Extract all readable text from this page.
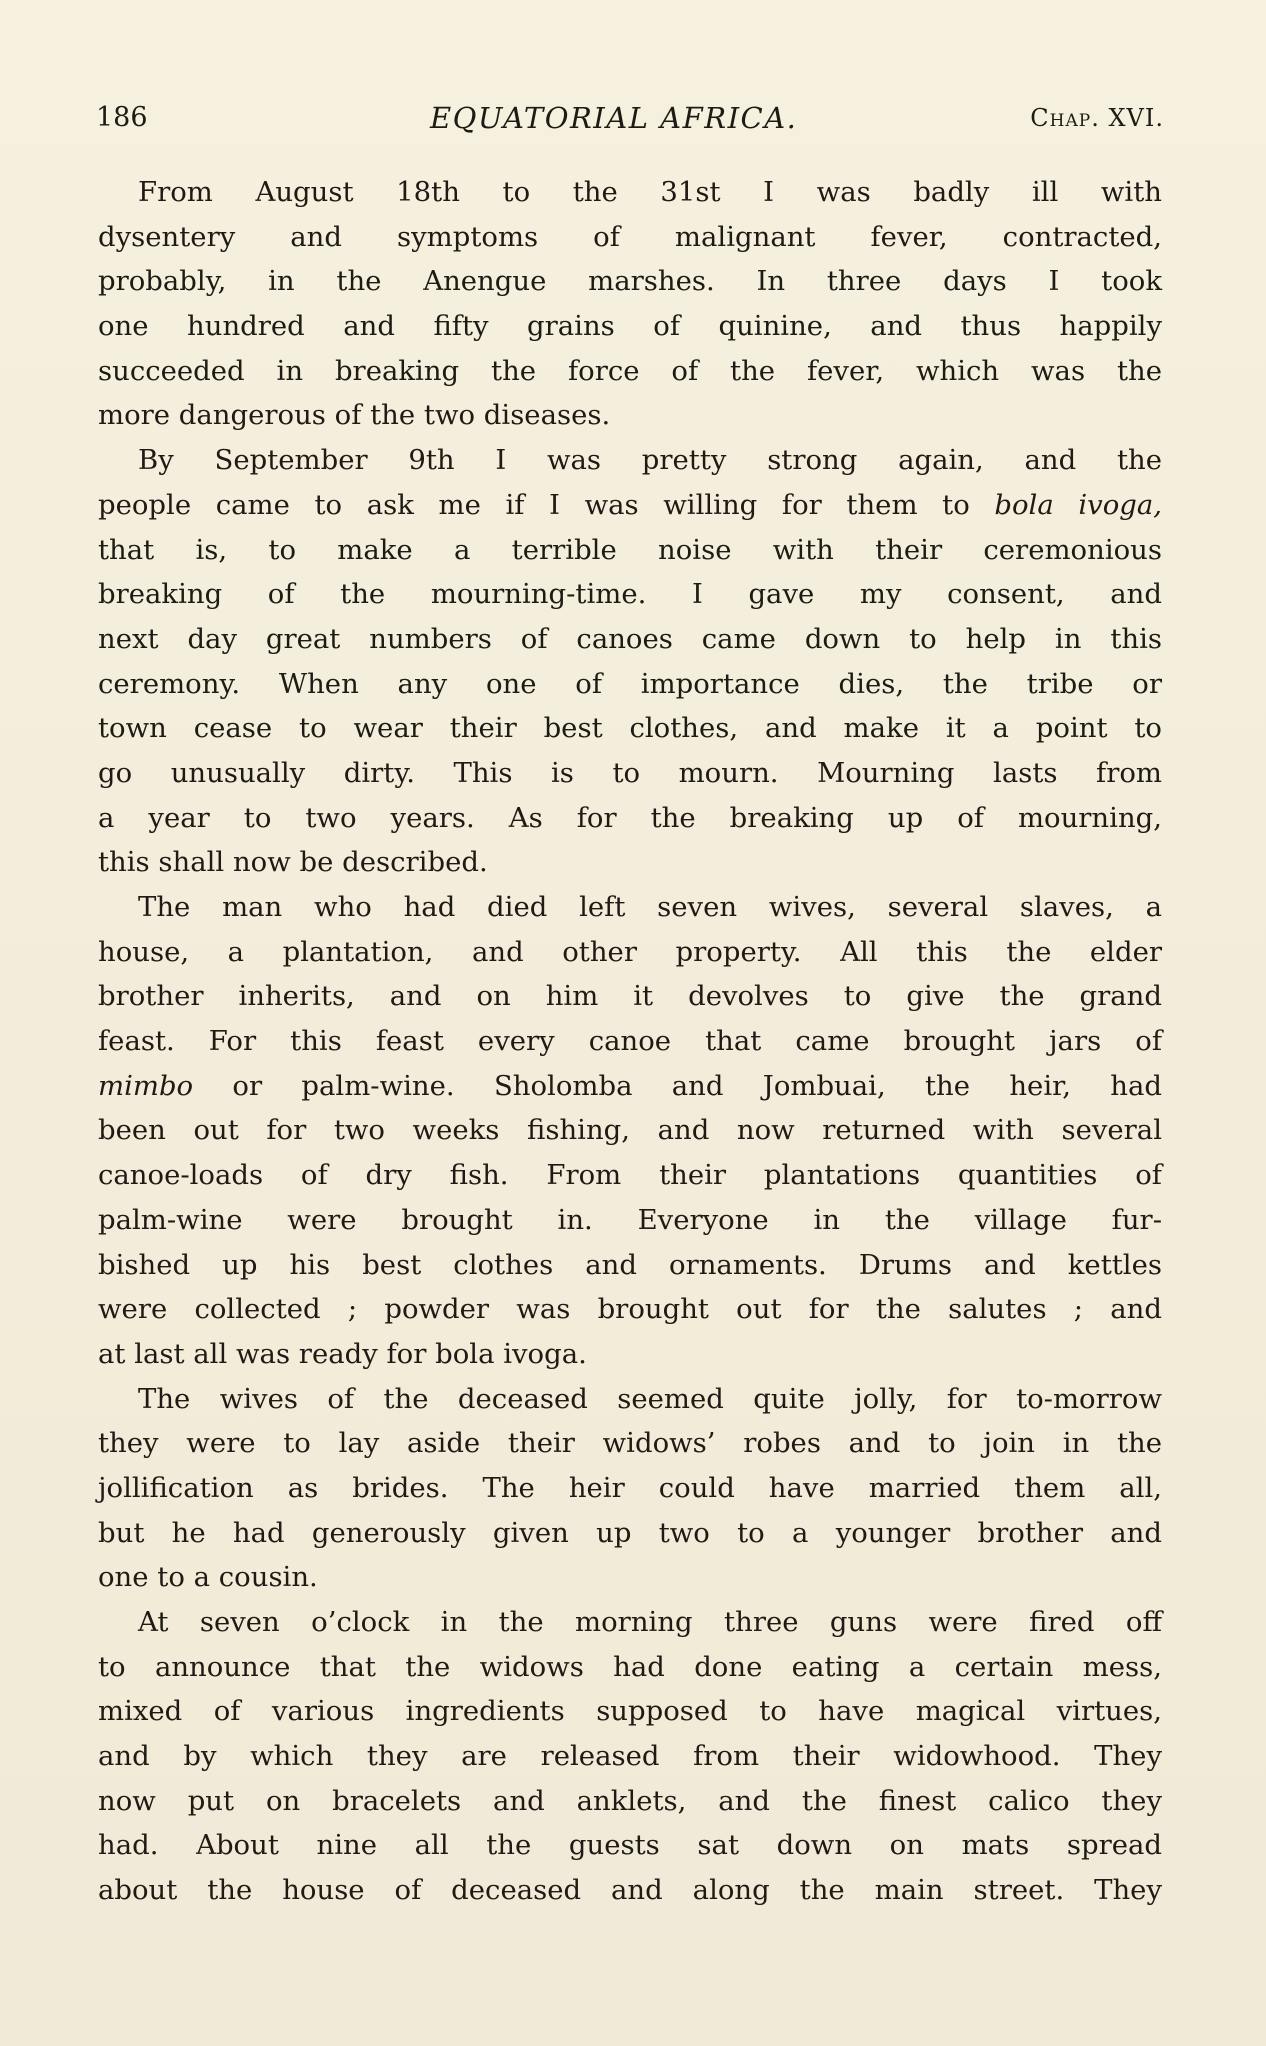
186	EQUATORIAL AFRICA.	Chap. XVI.
From August 18th to the 31st I was badly ill with
dysentery and symptoms of malignant fever, contracted,
probably, in the Anengue marshes. In three days I took
one hundred and fifty grains of quinine, and thus happily
succeeded in breaking the force of the fever, which was the
more dangerous of the two diseases.
By September 9th I was pretty strong again, and the
people came to ask me if I was willing for them to bola ivoga,
that is, to make a terrible noise with their ceremonious
breaking of the mourning-time. I gave my consent, and
next day great numbers of canoes came down to help in this
ceremony. When any one of importance dies, the tribe or
town cease to wear their best clothes, and make it a point to
go unusually dirty. This is to mourn. Mourning lasts from
a year to two years. As for the breaking up of mourning,
this shall now be described.
The man who had died left seven wives, several slaves, a
house, a plantation, and other property. All this the elder
brother inherits, and on him it devolves to give the grand
feast. For this feast every canoe that came brought jars of
mimbo or palm-wine. Sholomba and Jombuai, the heir, had
been out for two weeks fishing, and now returned with several
canoe-loads of dry fish. From their plantations quantities of
palm-wine were brought in. Everyone in the village fur-
bished up his best clothes and ornaments. Drums and kettles
were collected ; powder was brought out for the salutes ; and
at last all was ready for bola ivoga.
The wives of the deceased seemed quite jolly, for to-morrow
they were to lay aside their widows’ robes and to join in the
jollification as brides. The heir could have married them all,
but he had generously given up two to a younger brother and
one to a cousin.
At seven o’clock in the morning three guns were fired off
to announce that the widows had done eating a certain mess,
mixed of various ingredients supposed to have magical virtues,
and by which they are released from their widowhood. They
now put on bracelets and anklets, and the finest calico they
had. About nine all the guests sat down on mats spread
about the house of deceased and along the main street. They
